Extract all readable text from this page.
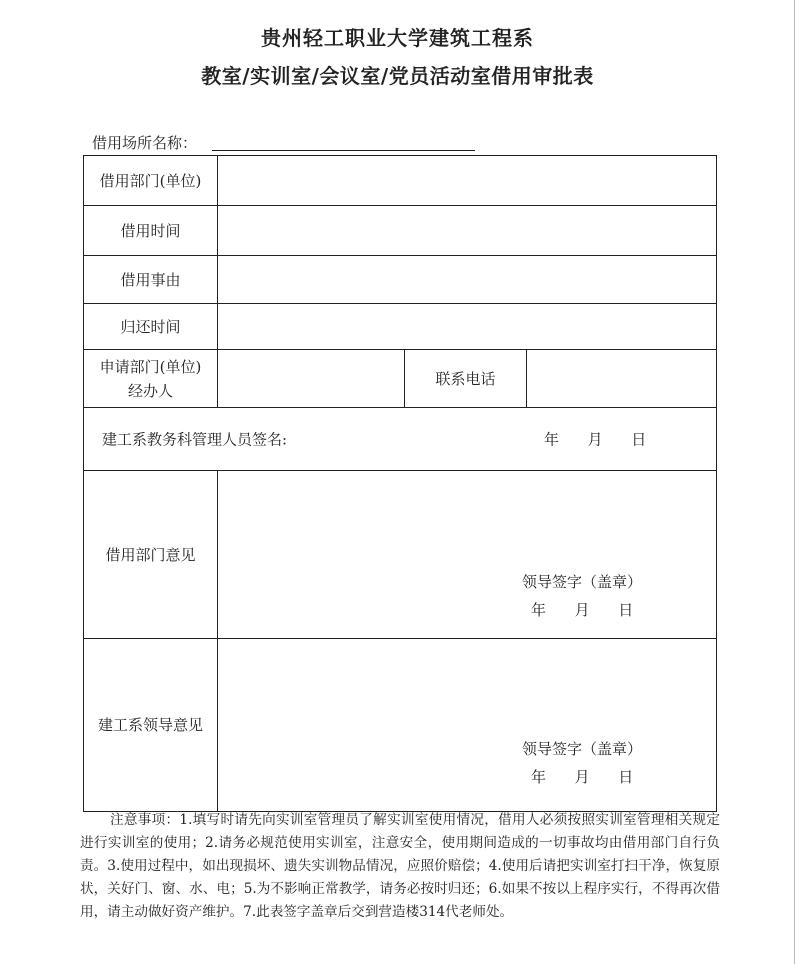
贵州轻工职业大学建筑工程系
教室/实训室/会议室/党员活动室借用审批表
借用场所名称：
借用部门(单位)			
借用时间			
借用事由			
归还时间			

申请部门(单位)
经办人		联系电话	

建工系教务科管理人员签名: 年      月      日			

借用部门意见	领导签字（盖章）
年      月      日		

建工系领导意见	领导签字（盖章）
年      月      日		
注意事项：1.填写时请先向实训室管理员了解实训室使用情况，借用人必须按照实训室管理相关规定进行实训室的使用；2.请务必规范使用实训室，注意安全，使用期间造成的一切事故均由借用部门自行负责。3.使用过程中，如出现损坏、遗失实训物品情况，应照价赔偿；4.使用后请把实训室打扫干净，恢复原状，关好门、窗、水、电；5.为不影响正常教学，请务必按时归还；6.如果不按以上程序实行，不得再次借用，请主动做好资产维护。7.此表签字盖章后交到营造楼314代老师处。
